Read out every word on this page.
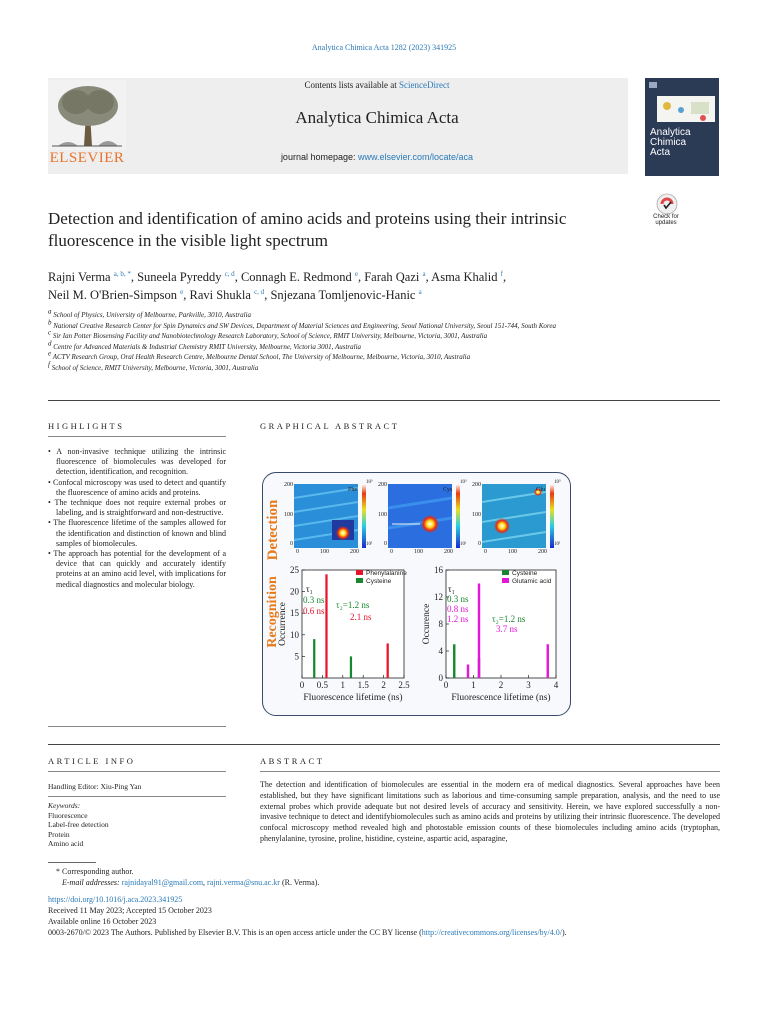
Analytica Chimica Acta 1282 (2023) 341925
ELSEVIER
Contents lists available at ScienceDirect
Analytica Chimica Acta
journal homepage: www.elsevier.com/locate/aca
Analytica
Chimica
Acta
Check for
updates
Detection and identification of amino acids and proteins using their intrinsic fluorescence in the visible light spectrum
Rajni Verma $^{a, b, *}$, Suneela Pyreddy $^{c, d}$, Connagh E. Redmond $^e$, Farah Qazi $^a$, Asma Khalid $^f$,
Neil M. O'Brien-Simpson $^e$, Ravi Shukla $^{c, d}$, Snjezana Tomljenovic-Hanic $^a$
$^a$ School of Physics, University of Melbourne, Parkville, 3010, Australia
$^b$ National Creative Research Center for Spin Dynamics and SW Devices, Department of Material Sciences and Engineering, Seoul National University, Seoul 151-744, South Korea
$^c$ Sir Ian Potter Biosensing Facility and Nanobiotechnology Research Laboratory, School of Science, RMIT University, Melbourne, Victoria, 3001, Australia
$^d$ Centre for Advanced Materials & Industrial Chemistry RMIT University, Melbourne, Victoria 3001, Australia
$^e$ ACTV Research Group, Oral Health Research Centre, Melbourne Dental School, The University of Melbourne, Melbourne, Victoria, 3010, Australia
$^f$ School of Science, RMIT University, Melbourne, Victoria, 3001, Australia
HIGHLIGHTS
• A non-invasive technique utilizing the intrinsic fluorescence of biomolecules was developed for detection, identification, and recognition.
• Confocal microscopy was used to detect and quantify the fluorescence of amino acids and proteins.
• The technique does not require external probes or labeling, and is straightforward and non-destructive.
• The fluorescence lifetime of the samples allowed for the identification and distinction of known and blind samples of biomolecules.
• The approach has potential for the development of a device that can quickly and accurately identify proteins at an amino acid level, with implications for medical diagnostics and molecular biology.
GRAPHICAL ABSTRACT
Detection
Recognition
Phe	Cys	Glu
200
100
0
0	100	200
10³
10¹
200
100
0
0	100	200
10³
10¹
200
100
0
0	100	200
10³
10¹
0 0.5 1 1.5 2 2.5
5
10
15
20
25
Fluorescence lifetime (ns)
Occurrence
Phenylalanine
Cysteine
τ₁
0.3 ns
0.6 ns
τ₂=1.2 ns
2.1 ns
0	1	2	3	4
0
4
8
12
16
Fluorescence lifetime (ns)
Occurence
Cysteine
Glutamic acid
τ₁
0.3 ns
0.8 ns
1.2 ns	τ₂=1.2 ns
3.7 ns
ARTICLE INFO
Handling Editor: Xiu-Ping Yan
Keywords:
Fluorescence
Label-free detection
Protein
Amino acid
ABSTRACT
The detection and identification of biomolecules are essential in the modern era of medical diagnostics. Several approaches have been established, but they have significant limitations such as laborious and time-consuming sample preparation, analysis, and the need to use external probes which provide adequate but not desired levels of accuracy and sensitivity. Herein, we have explored successfully a non-invasive technique to detect and identifybiomolecules such as amino acids and proteins by utilizing their intrinsic fluorescence. The developed confocal microscopy method revealed high and photostable emission counts of these biomolecules including amino acids (tryptophan, phenylalanine, tyrosine, proline, histidine, cysteine, aspartic acid, asparagine,
* Corresponding author.
E-mail addresses: rajnidayal91@gmail.com, rajni.verma@snu.ac.kr (R. Verma).
https://doi.org/10.1016/j.aca.2023.341925
Received 11 May 2023; Accepted 15 October 2023
Available online 16 October 2023
0003-2670/© 2023 The Authors. Published by Elsevier B.V. This is an open access article under the CC BY license (http://creativecommons.org/licenses/by/4.0/).
